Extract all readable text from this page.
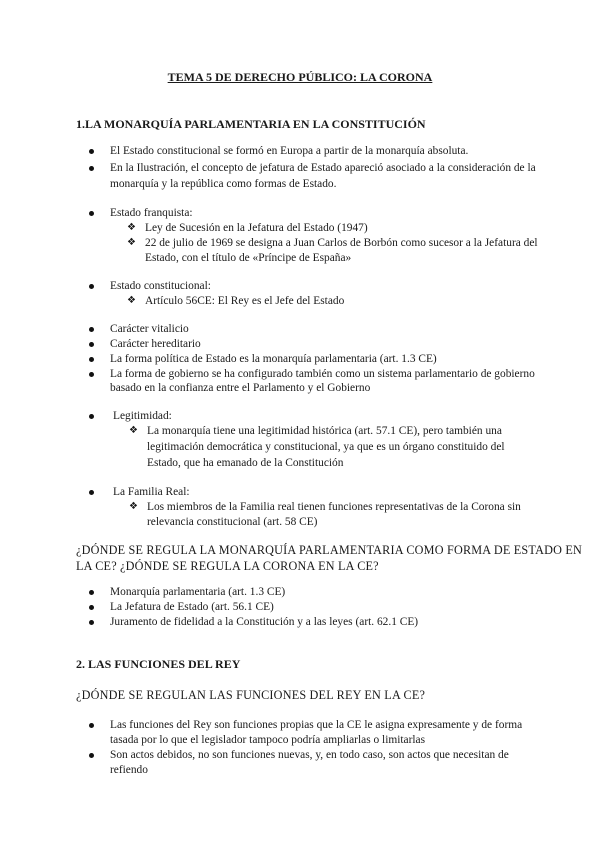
TEMA 5 DE DERECHO PÚBLICO: LA CORONA
1.LA MONARQUÍA PARLAMENTARIA EN LA CONSTITUCIÓN
El Estado constitucional se formó en Europa a partir de la monarquía absoluta.
En la Ilustración, el concepto de jefatura de Estado apareció asociado a la consideración de la
monarquía y la república como formas de Estado.
Estado franquista:
❖ Ley de Sucesión en la Jefatura del Estado (1947)
❖ 22 de julio de 1969 se designa a Juan Carlos de Borbón como sucesor a la Jefatura del
Estado, con el título de «Príncipe de España»
Estado constitucional:
❖ Artículo 56CE: El Rey es el Jefe del Estado
Carácter vitalicio
Carácter hereditario
La forma política de Estado es la monarquía parlamentaria (art. 1.3 CE)
La forma de gobierno se ha configurado también como un sistema parlamentario de gobierno
basado en la confianza entre el Parlamento y el Gobierno
Legitimidad:
❖ La monarquía tiene una legitimidad histórica (art. 57.1 CE), pero también una
legitimación democrática y constitucional, ya que es un órgano constituido del
Estado, que ha emanado de la Constitución
La Familia Real:
❖ Los miembros de la Familia real tienen funciones representativas de la Corona sin
relevancia constitucional (art. 58 CE)
¿DÓNDE SE REGULA LA MONARQUÍA PARLAMENTARIA COMO FORMA DE ESTADO EN
LA CE? ¿DÓNDE SE REGULA LA CORONA EN LA CE?
Monarquía parlamentaria (art. 1.3 CE)
La Jefatura de Estado (art. 56.1 CE)
Juramento de fidelidad a la Constitución y a las leyes (art. 62.1 CE)
2. LAS FUNCIONES DEL REY
¿DÓNDE SE REGULAN LAS FUNCIONES DEL REY EN LA CE?
Las funciones del Rey son funciones propias que la CE le asigna expresamente y de forma
tasada por lo que el legislador tampoco podría ampliarlas o limitarlas
Son actos debidos, no son funciones nuevas, y, en todo caso, son actos que necesitan de
refiendo
